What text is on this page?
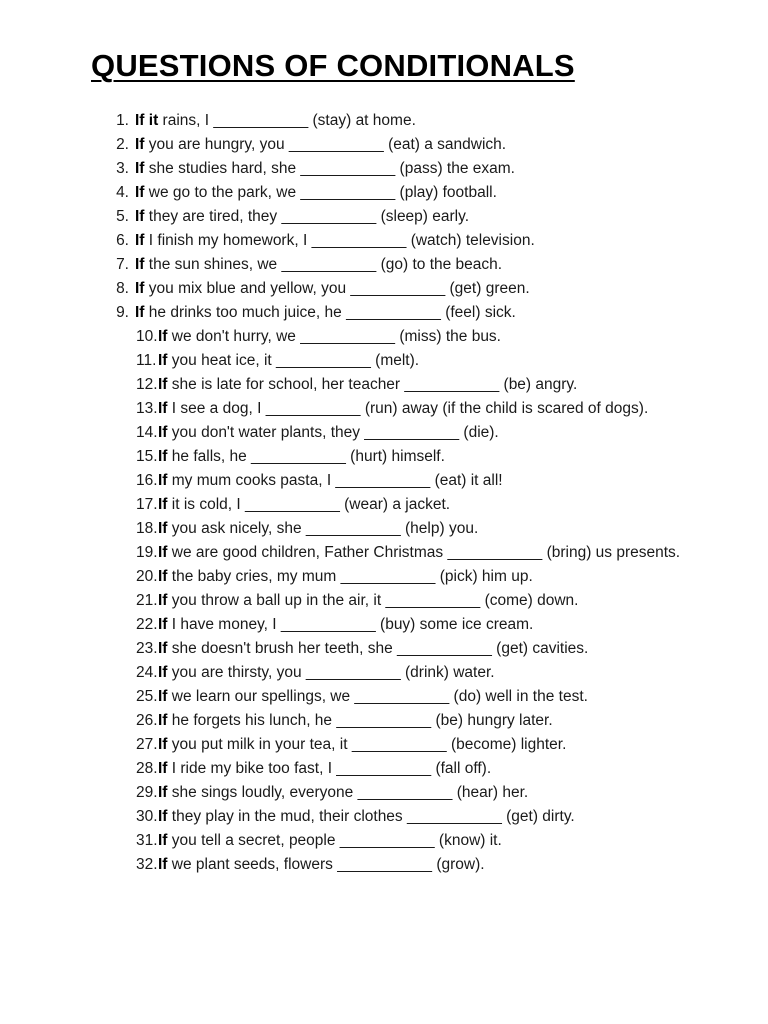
QUESTIONS OF CONDITIONALS
1. If it rains, I ___________ (stay) at home.
2. If you are hungry, you ___________ (eat) a sandwich.
3. If she studies hard, she ___________ (pass) the exam.
4. If we go to the park, we ___________ (play) football.
5. If they are tired, they ___________ (sleep) early.
6. If I finish my homework, I ___________ (watch) television.
7. If the sun shines, we ___________ (go) to the beach.
8. If you mix blue and yellow, you ___________ (get) green.
9. If he drinks too much juice, he ___________ (feel) sick.
10. If we don't hurry, we ___________ (miss) the bus.
11. If you heat ice, it ___________ (melt).
12. If she is late for school, her teacher ___________ (be) angry.
13. If I see a dog, I ___________ (run) away (if the child is scared of dogs).
14. If you don't water plants, they ___________ (die).
15. If he falls, he ___________ (hurt) himself.
16. If my mum cooks pasta, I ___________ (eat) it all!
17. If it is cold, I ___________ (wear) a jacket.
18. If you ask nicely, she ___________ (help) you.
19. If we are good children, Father Christmas ___________ (bring) us presents.
20. If the baby cries, my mum ___________ (pick) him up.
21. If you throw a ball up in the air, it ___________ (come) down.
22. If I have money, I ___________ (buy) some ice cream.
23. If she doesn't brush her teeth, she ___________ (get) cavities.
24. If you are thirsty, you ___________ (drink) water.
25. If we learn our spellings, we ___________ (do) well in the test.
26. If he forgets his lunch, he ___________ (be) hungry later.
27. If you put milk in your tea, it ___________ (become) lighter.
28. If I ride my bike too fast, I ___________ (fall off).
29. If she sings loudly, everyone ___________ (hear) her.
30. If they play in the mud, their clothes ___________ (get) dirty.
31. If you tell a secret, people ___________ (know) it.
32. If we plant seeds, flowers ___________ (grow).
